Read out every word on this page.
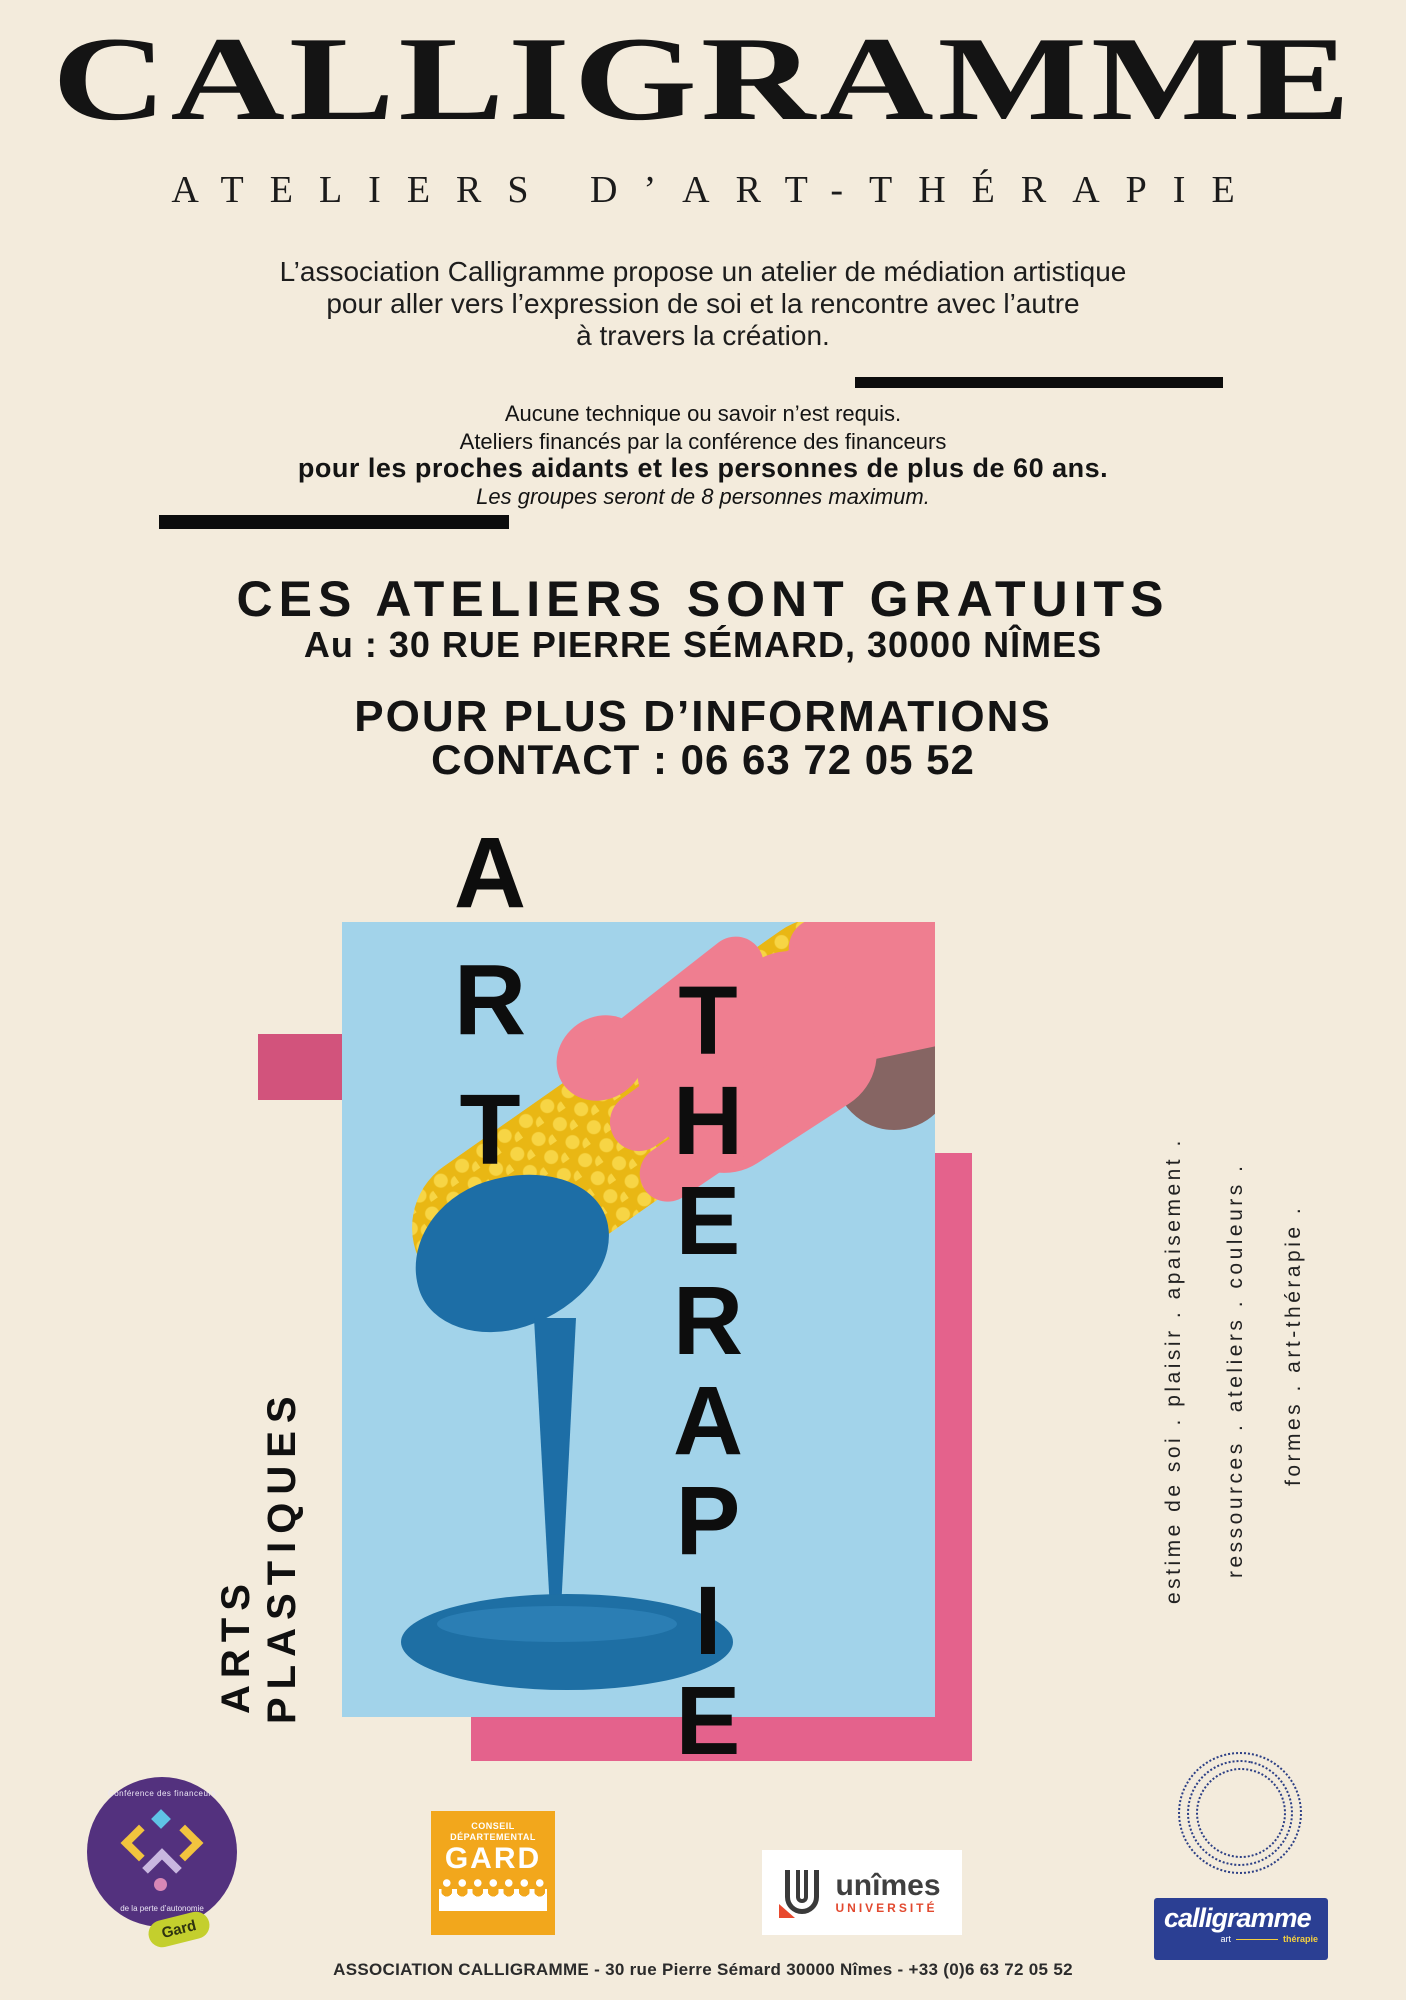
CALLIGRAMME
ATELIERS D’ART-THÉRAPIE
L’association Calligramme propose un atelier de médiation artistique
pour aller vers l’expression de soi et la rencontre avec l’autre
à travers la création.
Aucune technique ou savoir n’est requis.
Ateliers financés par la conférence des financeurs
pour les proches aidants et les personnes de plus de 60 ans.
Les groupes seront de 8 personnes maximum.
CES ATELIERS SONT GRATUITS
Au : 30 RUE PIERRE SÉMARD, 30000 NÎMES
POUR PLUS D’INFORMATIONS
CONTACT : 06 63 72 05 52
A
R
T
T
H
E
R
A
P
I
E
ARTS PLASTIQUES	estime de soi . plaisir . apaisement . ressources . ateliers . couleurs . formes . art-thérapie .
Conférence des financeurs
de la perte d’autonomie
Gard
CONSEIL
DÉPARTEMENTAL
GARD
unîmes
UNIVERSITÉ	calligramme
art	thérapie
ASSOCIATION CALLIGRAMME - 30 rue Pierre Sémard 30000 Nîmes - +33 (0)6 63 72 05 52
